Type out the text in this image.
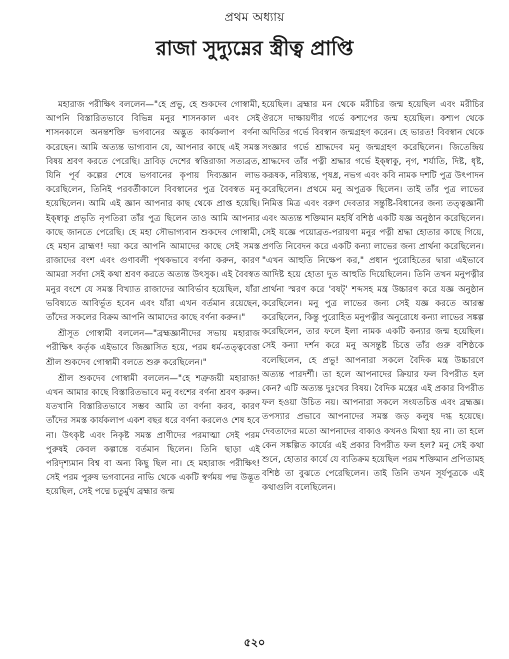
প্রথম অধ্যায়
রাজা সুদ্যুম্নের স্ত্রীত্ব প্রাপ্তি

মহারাজ পরীক্ষিৎ বললেন—"হে প্রভু, হে শুকদেব গোস্বামী, আপনি বিস্তারিতভাবে বিভিন্ন মনুর শাসনকাল এবং সেই শাসনকালে অনন্তশক্তি ভগবানের অদ্ভুত কার্যকলাপ বর্ণনা করেছেন। আমি অত্যন্ত ভাগ্যবান যে, আপনার কাছে এই সমস্ত বিষয় শ্রবণ করতে পেরেছি। দ্রাবিড় দেশের স্বত্তিরাজা সত্যব্রত, যিনি পূর্ব কল্পের শেষে ভগবানের কৃপায় দিব্যজ্ঞান লাভ করেছিলেন, তিনিই পরবর্তীকালে বিবস্বানের পুত্র বৈবস্বত মনু হয়েছিলেন। আমি এই জ্ঞান আপনার কাছ থেকে প্রাপ্ত হয়েছি। ইক্ষ্বাকু প্রভৃতি নৃপতিরা তাঁর পুত্র ছিলেন তাও আমি আপনার কাছে জানতে পেরেছি। হে মহা সৌভাগ্যবান শুকদেব গোস্বামী, হে মহান ব্রাহ্মণ! দয়া করে আপনি আমাদের কাছে সেই সমস্ত রাজাদের বংশ এবং গুণাবলী পৃথকভাবে বর্ণনা করুন, কারণ আমরা সর্বদা সেই কথা শ্রবণ করতে অত্যন্ত উৎসুক। এই বৈবস্বত মনুর বংশে যে সমস্ত বিখ্যাত রাজাদের আবির্ভাব হয়েছিল, যাঁরা ভবিষ্যতে আবির্ভূত হবেন এবং যাঁরা এখন বর্তমান রয়েছেন, তাঁদের সকলের বিক্রম আপনি আমাদের কাছে বর্ণনা করুন।"

শ্রীসূত গোস্বামী বললেন—"ব্রহ্মজ্ঞানীদের সভায় মহারাজ পরীক্ষিৎ কর্তৃক এইভাবে জিজ্ঞাসিত হয়ে, পরম ধর্ম-তত্ত্ববেত্তা শ্রীল শুকদেব গোস্বামী বলতে শুরু করেছিলেন।"

শ্রীল শুকদেব গোস্বামী বললেন—"হে শত্রুজয়ী মহারাজ! এখন আমার কাছে বিস্তারিতভাবে মনু বংশের বর্ণনা শ্রবণ করুন। যতখানি বিস্তারিতভাবে সম্ভব আমি তা বর্ণনা করব, কারণ তাঁদের সমস্ত কার্যকলাপ একশ বছর ধরে বর্ণনা করলেও শেষ হবে না। উৎকৃষ্ট এবং নিকৃষ্ট সমস্ত প্রাণীদের পরমাত্মা সেই পরম পুরুষই কেবল কল্পান্তে বর্তমান ছিলেন। তিনি ছাড়া এই পরিদৃশ্যমান বিশ্ব বা অন্য কিছু ছিল না। হে মহারাজ পরীক্ষিৎ! সেই পরম পুরুষ ভগবানের নাভি থেকে একটি স্বর্ণময় পদ্ম উদ্ভূত হয়েছিল, সেই পদ্মে চতুর্মুখ ব্রহ্মার জন্ম

হয়েছিল। ব্রহ্মার মন থেকে মরীচির জন্ম হয়েছিল এবং মরীচির ঔরসে দাক্ষায়ণীর গর্ভে কশ্যপের জন্ম হয়েছিল। কশ্যপ থেকে অদিতির গর্ভে বিবস্বান জন্মগ্রহণ করেন। হে ভারত! বিবস্বান থেকে সংজ্ঞার গর্ভে শ্রাদ্ধদেব মনু জন্মগ্রহণ করেছিলেন। জিতেন্দ্রিয় শ্রাদ্ধদেব তাঁর পত্নী শ্রদ্ধার গর্ভে ইক্ষ্বাকু, নৃগ, শর্যাতি, দিষ্ট, ধৃষ্ট, করূষক, নরিষ্যন্ত, পৃষধ্র, নভগ এবং কবি নামক দশটি পুত্র উৎপাদন করেছিলেন। প্রথমে মনু অপুত্রক ছিলেন। তাই তাঁর পুত্র লাভের নিমিত্ত মিত্র এবং বরুণ দেবতার সন্তুষ্টি-বিধানের জন্য তত্ত্বজ্ঞানী এবং অত্যন্ত শক্তিমান মহর্ষি বশিষ্ঠ একটি যজ্ঞ অনুষ্ঠান করেছিলেন। সেই যজ্ঞে পয়োব্রত-পরায়ণা মনুর পত্নী শ্রদ্ধা হোতার কাছে গিয়ে, প্রণতি নিবেদন করে একটি কন্যা লাভের জন্য প্রার্থনা করেছিলেন। "এখন আহুতি নিক্ষেপ কর," প্রধান পুরোহিতের দ্বারা এইভাবে আদিষ্ট হয়ে হোতা দুত আহুতি দিয়েছিলেন। তিনি তখন মনুপত্নীর প্রার্থনা স্মরণ করে 'বষট্' শব্দসহ মন্ত্র উচ্চারণ করে যজ্ঞ অনুষ্ঠান করেছিলেন। মনু পুত্র লাভের জন্য সেই যজ্ঞ করতে আরম্ভ করেছিলেন, কিন্তু পুরোহিত মনুপত্নীর অনুরোধে কন্যা লাভের সঙ্কল্প করেছিলেন, তার ফলে ইলা নামক একটি কন্যার জন্ম হয়েছিল। সেই কন্যা দর্শন করে মনু অসন্তুষ্ট চিত্তে তাঁর গুরু বশিষ্ঠকে বলেছিলেন, হে প্রভু! আপনারা সকলে বৈদিক মন্ত্র উচ্চারণে অত্যন্ত পারদর্শী। তা হলে আপনাদের ক্রিয়ার ফল বিপরীত হল কেন? এটি অত্যন্ত দুঃখের বিষয়। বৈদিক মন্ত্রের এই প্রকার বিপরীত ফল হওয়া উচিত নয়। আপনারা সকলে সংযতচিত্ত এবং ব্রহ্মজ্ঞ। তপস্যার প্রভাবে আপনাদের সমস্ত জড় কলুষ দগ্ধ হয়েছে। দেবতাদের মতো আপনাদের বাক্যও কখনও মিথ্যা হয় না। তা হলে কেন সঙ্কল্পিত কার্যের এই প্রকার বিপরীত ফল হল? মনু সেই কথা শুনে, হোতার কার্যে যে ব্যতিক্রম হয়েছিল পরম শক্তিমান প্রপিতামহ বশিষ্ঠ তা বুঝতে পেরেছিলেন। তাই তিনি তখন সূর্যপুত্রকে এই কথাগুলি বলেছিলেন।

৫২০
